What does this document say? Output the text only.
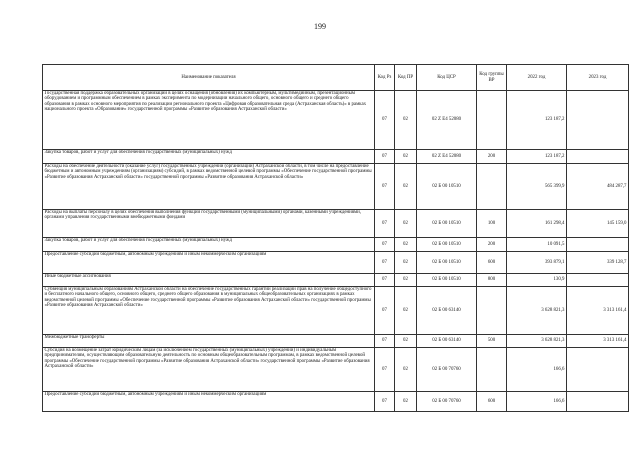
199
Наименование показателя	Код Рз	Код ПР	Код ЦСР	Код группы ВР	2022 год	2023 год
Государственная поддержка образовательных организаций в целях оснащения (обновления) их компьютерным, мультимедийным, презентационным оборудованием и программным обеспечением в рамках эксперимента по модернизации начального общего, основного общего и среднего общего образования в рамках основного мероприятия по реализации регионального проекта «Цифровая образовательная среда (Астраханская область)» в рамках национального проекта «Образование» государственной программы «Развитие образования Астраханской области»	07	02	02 Z E4 52080		123 187,2	
Закупка товаров, работ и услуг для обеспечения государственных (муниципальных) нужд	07	02	02 Z E4 52080	200	123 187,2	
Расходы на обеспечение деятельности (оказание услуг) государственных учреждений (организаций) Астраханской области, в том числе на предоставление бюджетным и автономным учреждениям (организациям) субсидий, в рамках ведомственной целевой программы «Обеспечение государственной программы «Развитие образования Астраханской области» государственной программы «Развитие образования Астраханской области»	07	02	02 Б 00 10510		565 399,9	484 287,7
Расходы на выплаты персоналу в целях обеспечения выполнения функций государственными (муниципальными) органами, казенными учреждениями, органами управления государственными внебюджетными фондами	07	02	02 Б 00 10510	100	161 298,4	145 159,0
Закупка товаров, работ и услуг для обеспечения государственных (муниципальных) нужд	07	02	02 Б 00 10510	200	10 091,5	
Предоставление субсидий бюджетным, автономным учреждениям и иным некоммерческим организациям	07	02	02 Б 00 10510	600	393 879,1	339 128,7
Иные бюджетные ассигнования	07	02	02 Б 00 10510	800	130,9	
Субвенция муниципальным образованиям Астраханской области на обеспечение государственных гарантий реализации прав на получение общедоступного и бесплатного начального общего, основного общего, среднего общего образования в муниципальных общеобразовательных организациях в рамках ведомственной целевой программы «Обеспечение государственной программы «Развитие образования Астраханской области» государственной программы «Развитие образования Астраханской области»	07	02	02 Б 00 63140		3 628 821,3	3 313 161,4
Межбюджетные трансферты	07	02	02 Б 00 63140	500	3 628 821,3	3 313 161,4
Субсидия на возмещение затрат юридическим лицам (за исключением государственных (муниципальных) учреждений) и индивидуальным предпринимателям, осуществляющим образовательную деятельность по основным общеобразовательным программам, в рамках ведомственной целевой программы «Обеспечение государственной программы «Развитие образования Астраханской области» государственной программы «Развитие образования Астраханской области»	07	02	02 Б 00 70760		166,6	
Предоставление субсидий бюджетным, автономным учреждениям и иным некоммерческим организациям	07	02	02 Б 00 70760	600	166,6	
